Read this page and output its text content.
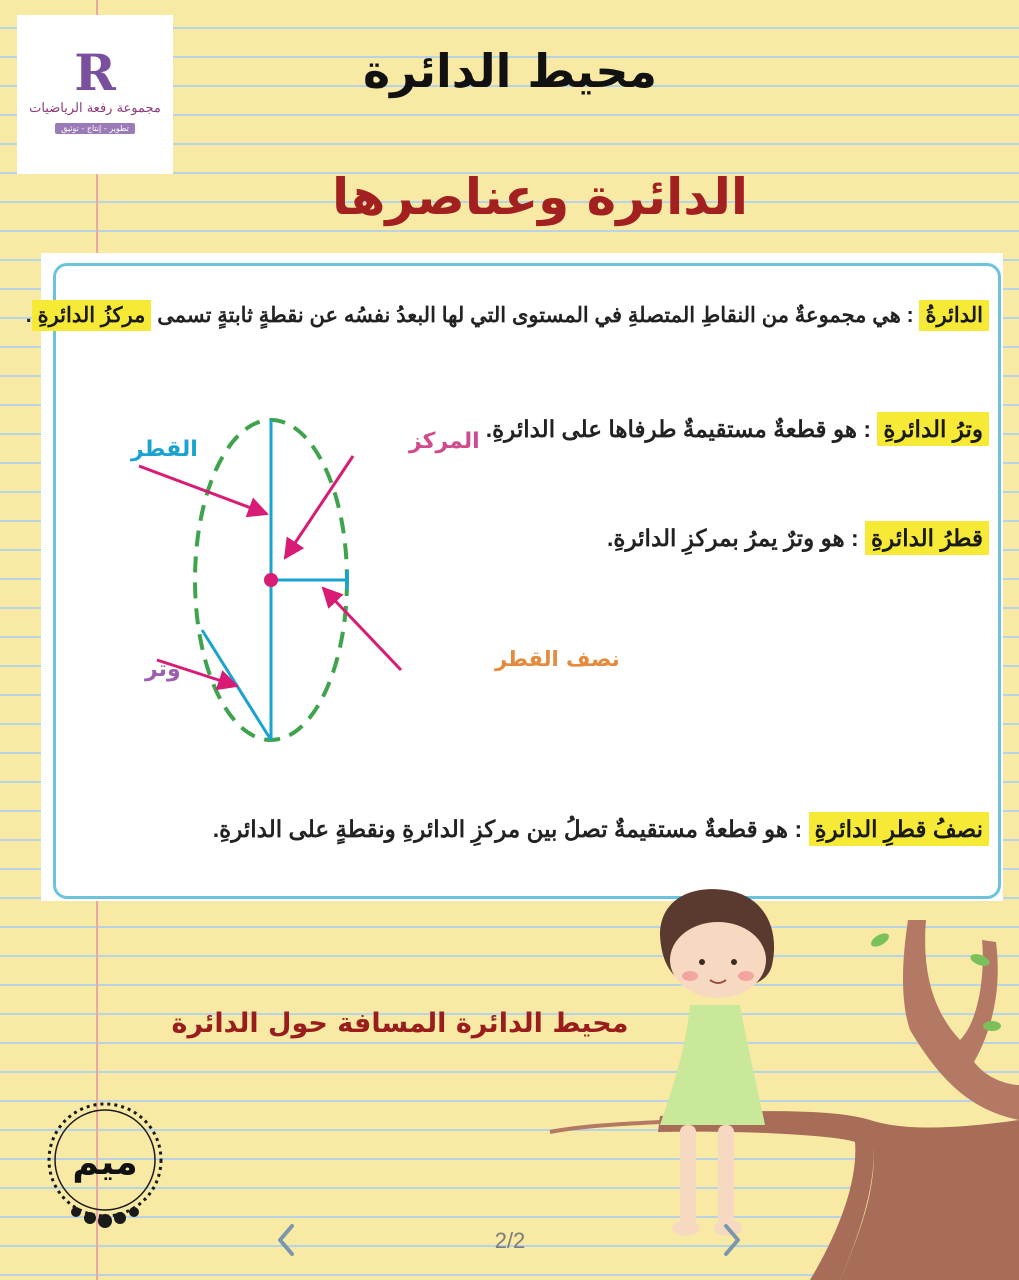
R
مجموعة رفعة الرياضيات
تطوير - إنتاج - توثيق
محيط الدائرة
الدائرة وعناصرها
الدائرةُ : هي مجموعةٌ من النقاطِ المتصلةِ في المستوى التي لها البعدُ نفسُه عن نقطةٍ ثابتةٍ تسمى مركزُ الدائرةِ.
وترُ الدائرةِ : هو قطعةٌ مستقيمةٌ طرفاها على الدائرةِ.
قطرُ الدائرةِ : هو وترٌ يمرُ بمركزِ الدائرةِ.
نصفُ قطرِ الدائرةِ : هو قطعةٌ مستقيمةٌ تصلُ بين مركزِ الدائرةِ ونقطةٍ على الدائرةِ.
القطر	المركز
نصف القطر
وتر
محيط الدائرة المسافة حول الدائرة
ميم
2/2
